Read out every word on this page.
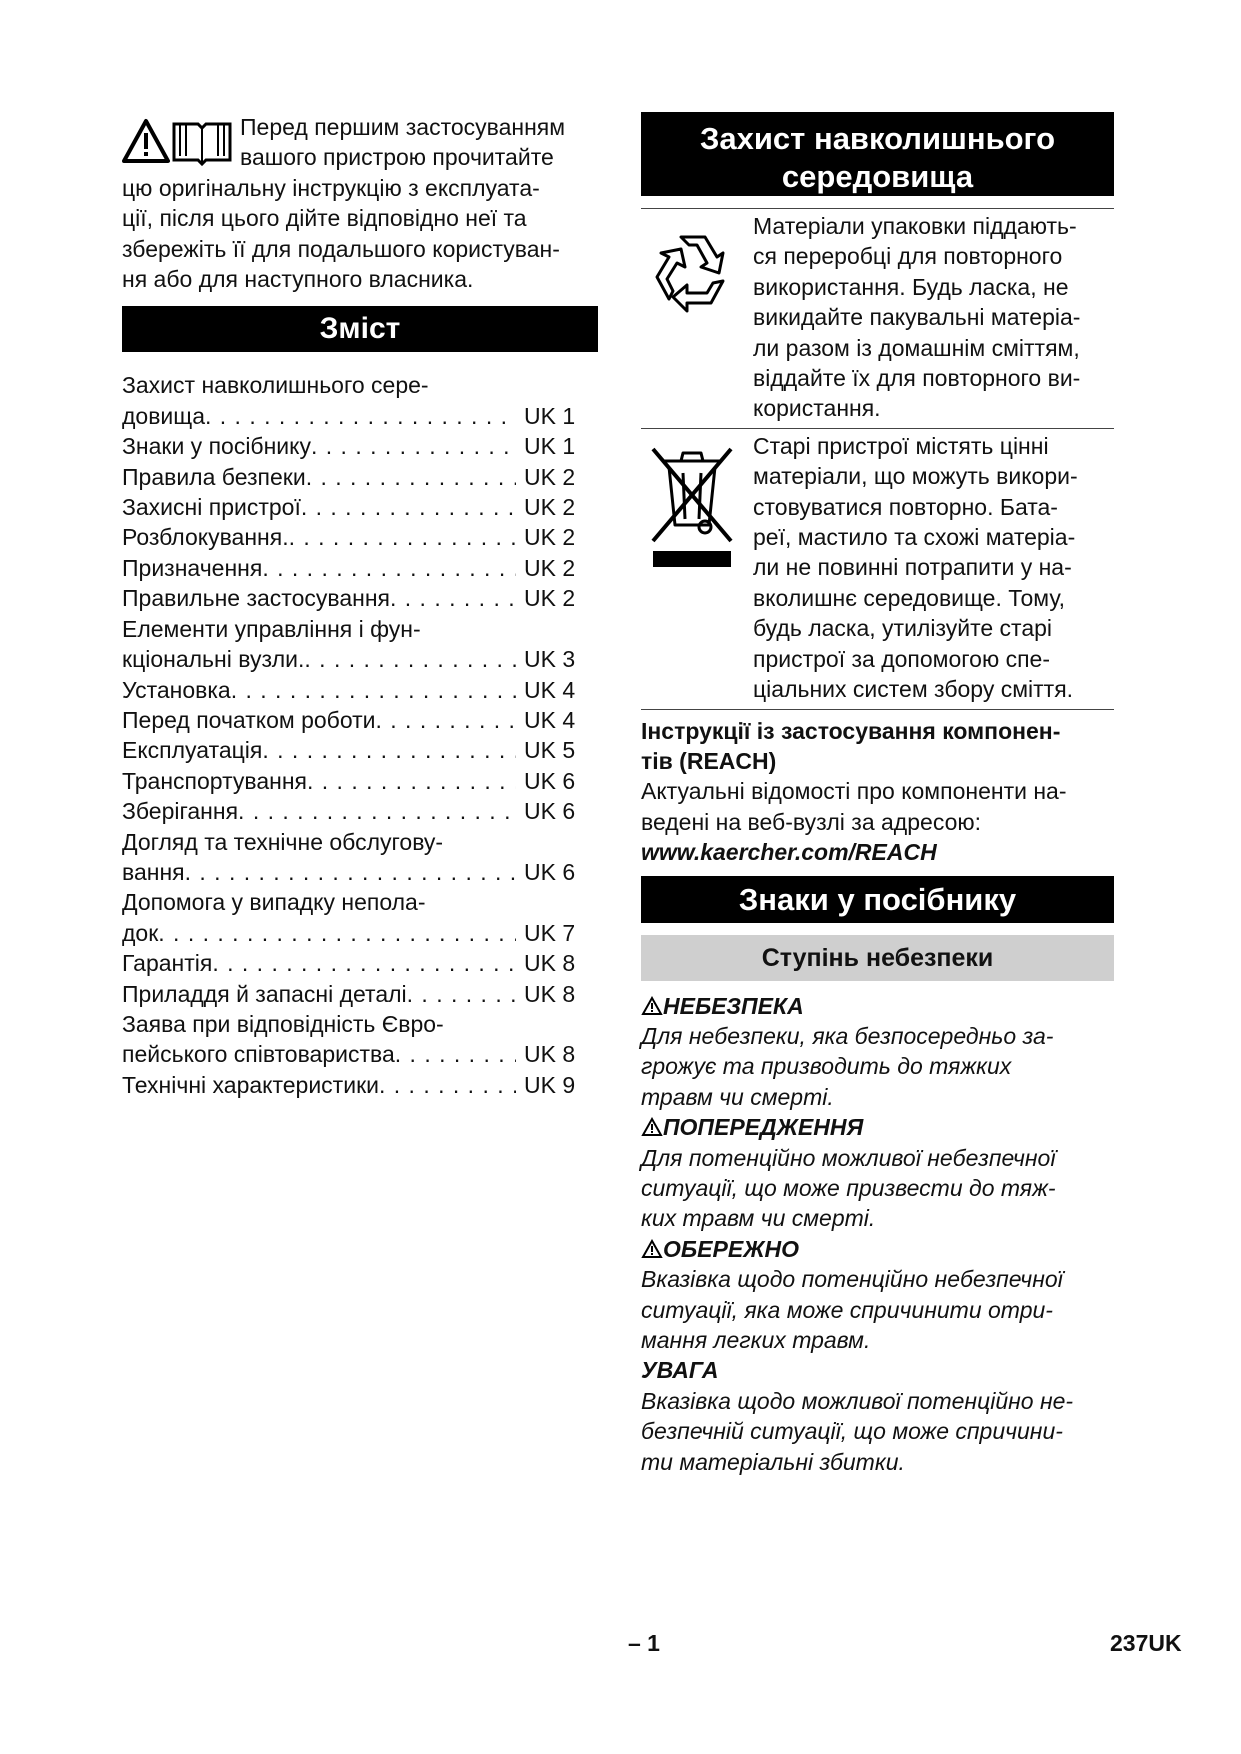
Перед першим застосуванням
вашого пристрою прочитайте
цю оригінальну інструкцію з експлуата-
ції, після цього дійте відповідно неї та
збережіть її для подальшого користуван-
ня або для наступного власника.
Зміст
Захист навколишнього сере-
довища . . .	UK 1
Знаки у посібнику . . .	UK 1
Правила безпеки . . .	UK 2
Захисні пристрої . . .	UK 2
Розблокування. . . .	UK 2
Призначення . . .	UK 2
Правильне застосування . . .	UK 2
Елементи управління і фун-
кціональні вузли. . . .	UK 3
Установка . . .	UK 4
Перед початком роботи . . .	UK 4
Експлуатація . . .	UK 5
Транспортування . . .	UK 6
Зберігання . . .	UK 6
Догляд та технічне обслугову-
вання . . .	UK 6
Допомога у випадку непола-
док . . .	UK 7
Гарантія . . .	UK 8
Приладдя й запасні деталі . . .	UK 8
Заява при відповідність Євро-
пейського співтовариства . . .	UK 8
Технічні характеристики . . .	UK 9
Захист навколишнього
середовища
Матеріали упаковки піддають-
ся переробці для повторного
використання. Будь ласка, не
викидайте пакувальні матеріа-
ли разом із домашнім сміттям,
віддайте їх для повторного ви-
користання.
Старі пристрої містять цінні
матеріали, що можуть викори-
стовуватися повторно. Бата-
реї, мастило та схожі матеріа-
ли не повинні потрапити у на-
вколишнє середовище. Тому,
будь ласка, утилізуйте старі
пристрої за допомогою спе-
ціальних систем збору сміття.
Інструкції із застосування компонен-
тів (REACH)
Актуальні відомості про компоненти на-
ведені на веб-вузлі за адресою:
www.kaercher.com/REACH
Знаки у посібнику
Ступінь небезпеки
НЕБЕЗПЕКА
Для небезпеки, яка безпосередньо за-
грожує та призводить до тяжких
травм чи смерті.
ПОПЕРЕДЖЕННЯ
Для потенційно можливої небезпечної
ситуації, що може призвести до тяж-
ких травм чи смерті.
ОБЕРЕЖНО
Вказівка щодо потенційно небезпечної
ситуації, яка може спричинити отри-
мання легких травм.
УВАГА
Вказівка щодо можливої потенційно не-
безпечній ситуації, що може спричини-
ти матеріальні збитки.
– 1	237UK
